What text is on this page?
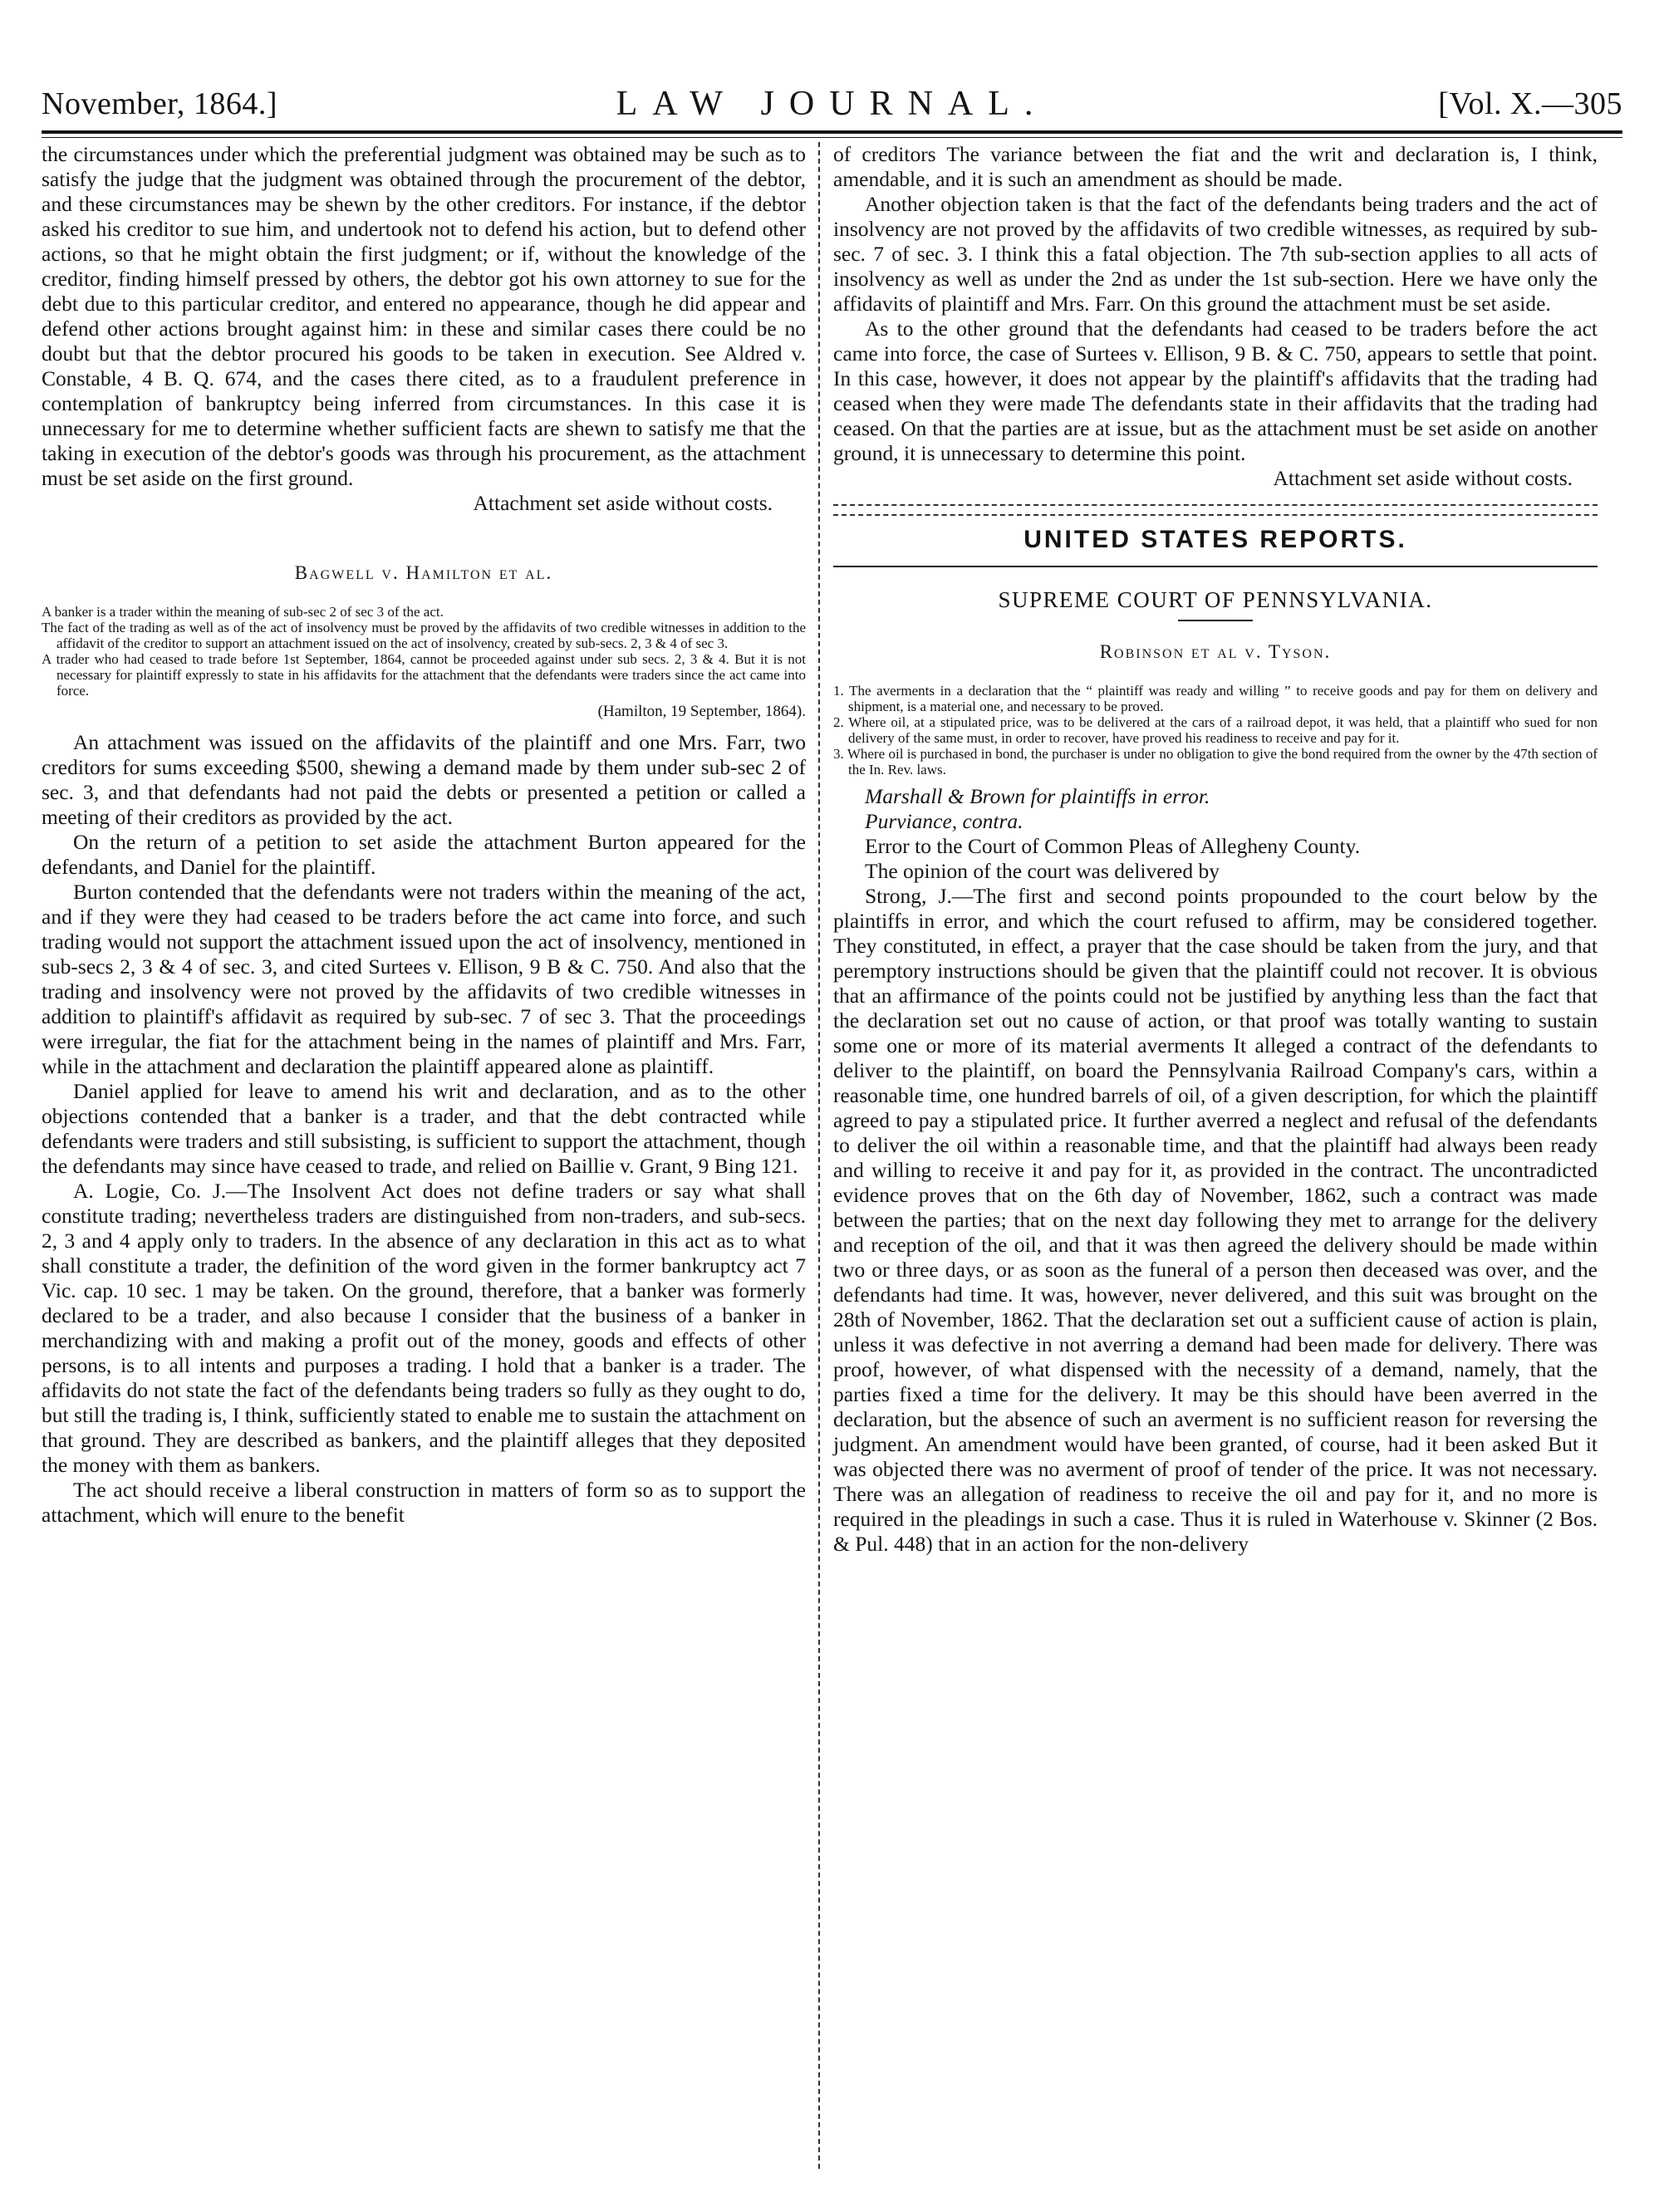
November, 1864.]	LAW JOURNAL.	[Vol. X.—305

the circumstances under which the preferential judgment was obtained may be such as to satisfy the judge that the judgment was obtained through the procurement of the debtor, and these circumstances may be shewn by the other creditors. For instance, if the debtor asked his creditor to sue him, and undertook not to defend his action, but to defend other actions, so that he might obtain the first judgment; or if, without the knowledge of the creditor, finding himself pressed by others, the debtor got his own attorney to sue for the debt due to this particular creditor, and entered no appearance, though he did appear and defend other actions brought against him: in these and similar cases there could be no doubt but that the debtor procured his goods to be taken in execution. See Aldred v. Constable, 4 B. Q. 674, and the cases there cited, as to a fraudulent preference in contemplation of bankruptcy being inferred from circumstances. In this case it is unnecessary for me to determine whether sufficient facts are shewn to satisfy me that the taking in execution of the debtor's goods was through his procurement, as the attachment must be set aside on the first ground.

Attachment set aside without costs.
Bagwell v. Hamilton et al.

A banker is a trader within the meaning of sub-sec 2 of sec 3 of the act.

The fact of the trading as well as of the act of insolvency must be proved by the affidavits of two credible witnesses in addition to the affidavit of the creditor to support an attachment issued on the act of insolvency, created by sub-secs. 2, 3 & 4 of sec 3.

A trader who had ceased to trade before 1st September, 1864, cannot be proceeded against under sub secs. 2, 3 & 4. But it is not necessary for plaintiff expressly to state in his affidavits for the attachment that the defendants were traders since the act came into force.

(Hamilton, 19 September, 1864).

An attachment was issued on the affidavits of the plaintiff and one Mrs. Farr, two creditors for sums exceeding $500, shewing a demand made by them under sub-sec 2 of sec. 3, and that defendants had not paid the debts or presented a petition or called a meeting of their creditors as provided by the act.

On the return of a petition to set aside the attachment Burton appeared for the defendants, and Daniel for the plaintiff.

Burton contended that the defendants were not traders within the meaning of the act, and if they were they had ceased to be traders before the act came into force, and such trading would not support the attachment issued upon the act of insolvency, mentioned in sub-secs 2, 3 & 4 of sec. 3, and cited Surtees v. Ellison, 9 B & C. 750. And also that the trading and insolvency were not proved by the affidavits of two credible witnesses in addition to plaintiff's affidavit as required by sub-sec. 7 of sec 3. That the proceedings were irregular, the fiat for the attachment being in the names of plaintiff and Mrs. Farr, while in the attachment and declaration the plaintiff appeared alone as plaintiff.

Daniel applied for leave to amend his writ and declaration, and as to the other objections contended that a banker is a trader, and that the debt contracted while defendants were traders and still subsisting, is sufficient to support the attachment, though the defendants may since have ceased to trade, and relied on Baillie v. Grant, 9 Bing 121.

A. Logie, Co. J.—The Insolvent Act does not define traders or say what shall constitute trading; nevertheless traders are distinguished from non-traders, and sub-secs. 2, 3 and 4 apply only to traders. In the absence of any declaration in this act as to what shall constitute a trader, the definition of the word given in the former bankruptcy act 7 Vic. cap. 10 sec. 1 may be taken. On the ground, therefore, that a banker was formerly declared to be a trader, and also because I consider that the business of a banker in merchandizing with and making a profit out of the money, goods and effects of other persons, is to all intents and purposes a trading. I hold that a banker is a trader. The affidavits do not state the fact of the defendants being traders so fully as they ought to do, but still the trading is, I think, sufficiently stated to enable me to sustain the attachment on that ground. They are described as bankers, and the plaintiff alleges that they deposited the money with them as bankers.

The act should receive a liberal construction in matters of form so as to support the attachment, which will enure to the benefit

of creditors The variance between the fiat and the writ and declaration is, I think, amendable, and it is such an amendment as should be made.

Another objection taken is that the fact of the defendants being traders and the act of insolvency are not proved by the affidavits of two credible witnesses, as required by sub-sec. 7 of sec. 3. I think this a fatal objection. The 7th sub-section applies to all acts of insolvency as well as under the 2nd as under the 1st sub-section. Here we have only the affidavits of plaintiff and Mrs. Farr. On this ground the attachment must be set aside.

As to the other ground that the defendants had ceased to be traders before the act came into force, the case of Surtees v. Ellison, 9 B. & C. 750, appears to settle that point. In this case, however, it does not appear by the plaintiff's affidavits that the trading had ceased when they were made The defendants state in their affidavits that the trading had ceased. On that the parties are at issue, but as the attachment must be set aside on another ground, it is unnecessary to determine this point.

Attachment set aside without costs.
UNITED STATES REPORTS.
SUPREME COURT OF PENNSYLVANIA.
Robinson et al v. Tyson.

1. The averments in a declaration that the “ plaintiff was ready and willing ” to receive goods and pay for them on delivery and shipment, is a material one, and necessary to be proved.

2. Where oil, at a stipulated price, was to be delivered at the cars of a railroad depot, it was held, that a plaintiff who sued for non delivery of the same must, in order to recover, have proved his readiness to receive and pay for it.

3. Where oil is purchased in bond, the purchaser is under no obligation to give the bond required from the owner by the 47th section of the In. Rev. laws.

Marshall & Brown for plaintiffs in error.

Purviance, contra.

Error to the Court of Common Pleas of Allegheny County.

The opinion of the court was delivered by

Strong, J.—The first and second points propounded to the court below by the plaintiffs in error, and which the court refused to affirm, may be considered together. They constituted, in effect, a prayer that the case should be taken from the jury, and that peremptory instructions should be given that the plaintiff could not recover. It is obvious that an affirmance of the points could not be justified by anything less than the fact that the declaration set out no cause of action, or that proof was totally wanting to sustain some one or more of its material averments It alleged a contract of the defendants to deliver to the plaintiff, on board the Pennsylvania Railroad Company's cars, within a reasonable time, one hundred barrels of oil, of a given description, for which the plaintiff agreed to pay a stipulated price. It further averred a neglect and refusal of the defendants to deliver the oil within a reasonable time, and that the plaintiff had always been ready and willing to receive it and pay for it, as provided in the contract. The uncontradicted evidence proves that on the 6th day of November, 1862, such a contract was made between the parties; that on the next day following they met to arrange for the delivery and reception of the oil, and that it was then agreed the delivery should be made within two or three days, or as soon as the funeral of a person then deceased was over, and the defendants had time. It was, however, never delivered, and this suit was brought on the 28th of November, 1862. That the declaration set out a sufficient cause of action is plain, unless it was defective in not averring a demand had been made for delivery. There was proof, however, of what dispensed with the necessity of a demand, namely, that the parties fixed a time for the delivery. It may be this should have been averred in the declaration, but the absence of such an averment is no sufficient reason for reversing the judgment. An amendment would have been granted, of course, had it been asked But it was objected there was no averment of proof of tender of the price. It was not necessary. There was an allegation of readiness to receive the oil and pay for it, and no more is required in the pleadings in such a case. Thus it is ruled in Waterhouse v. Skinner (2 Bos. & Pul. 448) that in an action for the non-delivery
